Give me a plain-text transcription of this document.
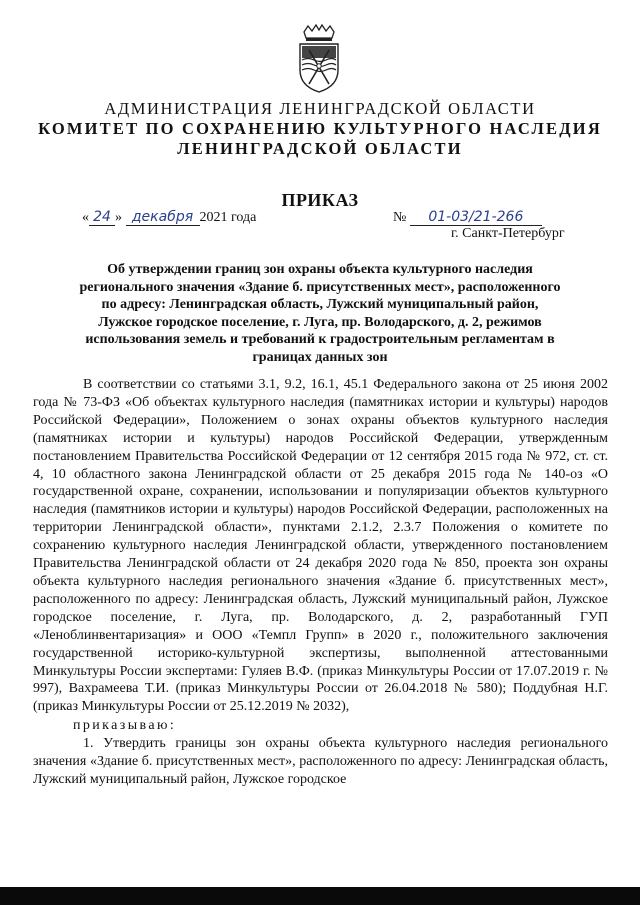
АДМИНИСТРАЦИЯ ЛЕНИНГРАДСКОЙ ОБЛАСТИ
КОМИТЕТ ПО СОХРАНЕНИЮ КУЛЬТУРНОГО НАСЛЕДИЯ
ЛЕНИНГРАДСКОЙ ОБЛАСТИ
ПРИКАЗ
« 24 » декабря 2021 года	№ 01-03/21-266
г. Санкт-Петербург
Об утверждении границ зон охраны объекта культурного наследия
регионального значения «Здание б. присутственных мест», расположенного
по адресу: Ленинградская область, Лужский муниципальный район,
Лужское городское поселение, г. Луга, пр. Володарского, д. 2, режимов
использования земель и требований к градостроительным регламентам в
границах данных зон

В соответствии со статьями 3.1, 9.2, 16.1, 45.1 Федерального закона от 25 июня 2002 года № 73-ФЗ «Об объектах культурного наследия (памятниках истории и культуры) народов Российской Федерации», Положением о зонах охраны объектов культурного наследия (памятниках истории и культуры) народов Российской Федерации, утвержденным постановлением Правительства Российской Федерации от 12 сентября 2015 года № 972, ст. ст. 4, 10 областного закона Ленинградской области от 25 декабря 2015 года № 140-оз «О государственной охране, сохранении, использовании и популяризации объектов культурного наследия (памятников истории и культуры) народов Российской Федерации, расположенных на территории Ленинградской области», пунктами 2.1.2, 2.3.7 Положения о комитете по сохранению культурного наследия Ленинградской области, утвержденного постановлением Правительства Ленинградской области от 24 декабря 2020 года № 850, проекта зон охраны объекта культурного наследия регионального значения «Здание б. присутственных мест», расположенного по адресу: Ленинградская область, Лужский муниципальный район, Лужское городское поселение, г. Луга, пр. Володарского, д. 2, разработанный ГУП «Леноблинвентаризация» и ООО «Темпл Групп» в 2020 г., положительного заключения государственной историко-культурной экспертизы, выполненной аттестованными Минкультуры России экспертами: Гуляев В.Ф. (приказ Минкультуры России от 17.07.2019 г. № 997), Вахрамеева Т.И. (приказ Минкультуры России от 26.04.2018 № 580); Поддубная Н.Г. (приказ Минкультуры России от 25.12.2019 № 2032),

приказываю:

1. Утвердить границы зон охраны объекта культурного наследия регионального значения «Здание б. присутственных мест», расположенного по адресу: Ленинградская область, Лужский муниципальный район, Лужское городское
